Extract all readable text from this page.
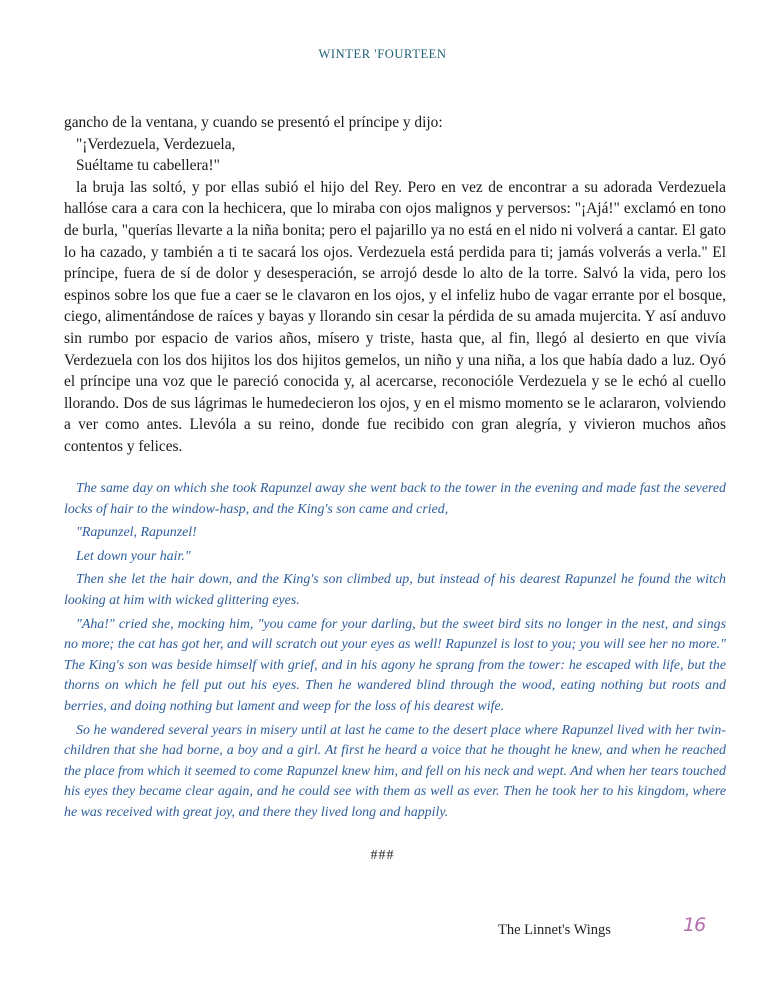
WINTER 'FOURTEEN

gancho de la ventana, y cuando se presentó el príncipe y dijo:

"¡Verdezuela, Verdezuela,

Suéltame tu cabellera!"

la bruja las soltó, y por ellas subió el hijo del Rey. Pero en vez de encontrar a su adorada Verdezuela hallóse cara a cara con la hechicera, que lo miraba con ojos malignos y perversos: "¡Ajá!" exclamó en tono de burla, "querías llevarte a la niña bonita; pero el pajarillo ya no está en el nido ni volverá a cantar. El gato lo ha cazado, y también a ti te sacará los ojos. Verdezuela está perdida para ti; jamás volverás a verla." El príncipe, fuera de sí de dolor y desesperación, se arrojó desde lo alto de la torre. Salvó la vida, pero los espinos sobre los que fue a caer se le clavaron en los ojos, y el infeliz hubo de vagar errante por el bosque, ciego, alimentándose de raíces y bayas y llorando sin cesar la pérdida de su amada mujercita. Y así anduvo sin rumbo por espacio de varios años, mísero y triste, hasta que, al fin, llegó al desierto en que vivía Verdezuela con los dos hijitos los dos hijitos gemelos, un niño y una niña, a los que había dado a luz. Oyó el príncipe una voz que le pareció conocida y, al acercarse, reconocióle Verdezuela y se le echó al cuello llorando. Dos de sus lágrimas le humedecieron los ojos, y en el mismo momento se le aclararon, volviendo a ver como antes. Llevóla a su reino, donde fue recibido con gran alegría, y vivieron muchos años contentos y felices.

The same day on which she took Rapunzel away she went back to the tower in the evening and made fast the severed locks of hair to the window-hasp, and the King's son came and cried,

"Rapunzel, Rapunzel!

Let down your hair."

Then she let the hair down, and the King's son climbed up, but instead of his dearest Rapunzel he found the witch looking at him with wicked glittering eyes.

"Aha!" cried she, mocking him, "you came for your darling, but the sweet bird sits no longer in the nest, and sings no more; the cat has got her, and will scratch out your eyes as well! Rapunzel is lost to you; you will see her no more." The King's son was beside himself with grief, and in his agony he sprang from the tower: he escaped with life, but the thorns on which he fell put out his eyes. Then he wandered blind through the wood, eating nothing but roots and berries, and doing nothing but lament and weep for the loss of his dearest wife.

So he wandered several years in misery until at last he came to the desert place where Rapunzel lived with her twin-children that she had borne, a boy and a girl. At first he heard a voice that he thought he knew, and when he reached the place from which it seemed to come Rapunzel knew him, and fell on his neck and wept. And when her tears touched his eyes they became clear again, and he could see with them as well as ever. Then he took her to his kingdom, where he was received with great joy, and there they lived long and happily.

###
The Linnet's Wings	16
